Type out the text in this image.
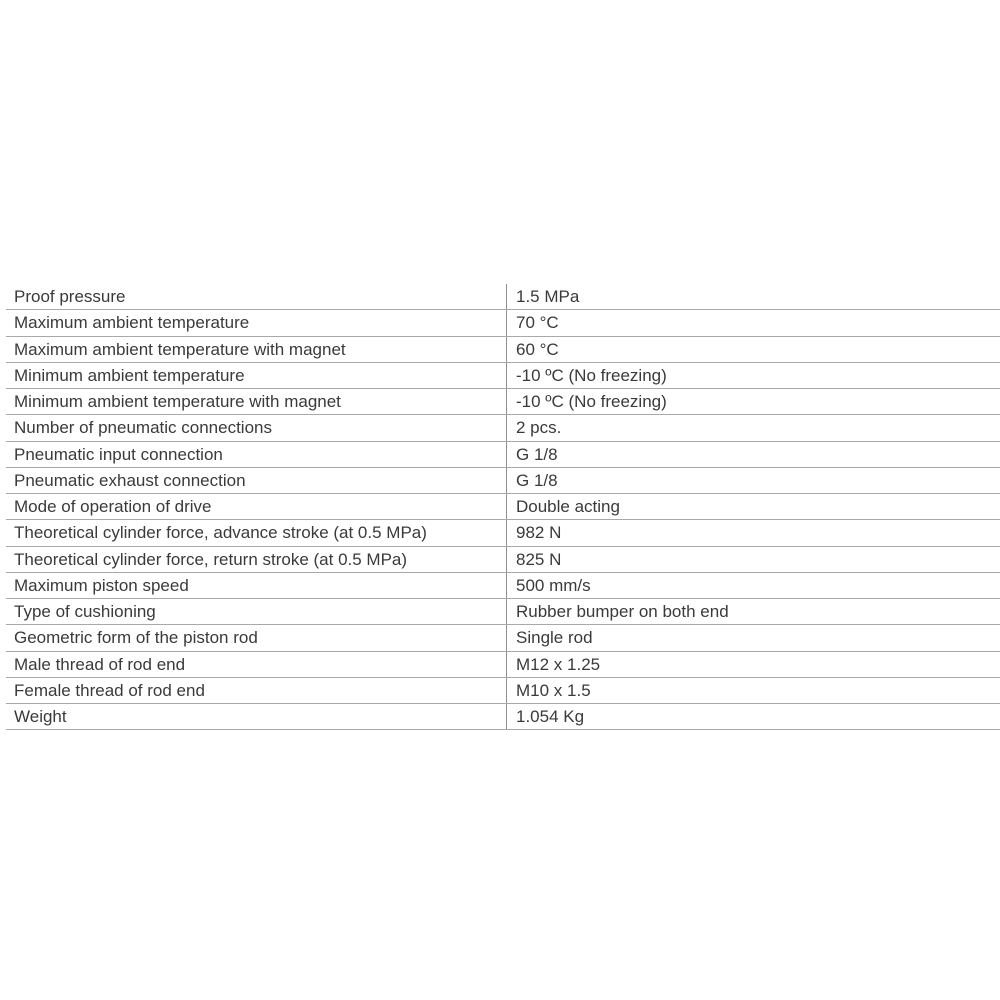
Proof pressure	1.5 MPa
Maximum ambient temperature	70 °C
Maximum ambient temperature with magnet	60 °C
Minimum ambient temperature	-10 ºC (No freezing)
Minimum ambient temperature with magnet	-10 ºC (No freezing)
Number of pneumatic connections	2 pcs.
Pneumatic input connection	G 1/8
Pneumatic exhaust connection	G 1/8
Mode of operation of drive	Double acting
Theoretical cylinder force, advance stroke (at 0.5 MPa)	982 N
Theoretical cylinder force, return stroke (at 0.5 MPa)	825 N
Maximum piston speed	500 mm/s
Type of cushioning	Rubber bumper on both end
Geometric form of the piston rod	Single rod
Male thread of rod end	M12 x 1.25
Female thread of rod end	M10 x 1.5
Weight	1.054 Kg
